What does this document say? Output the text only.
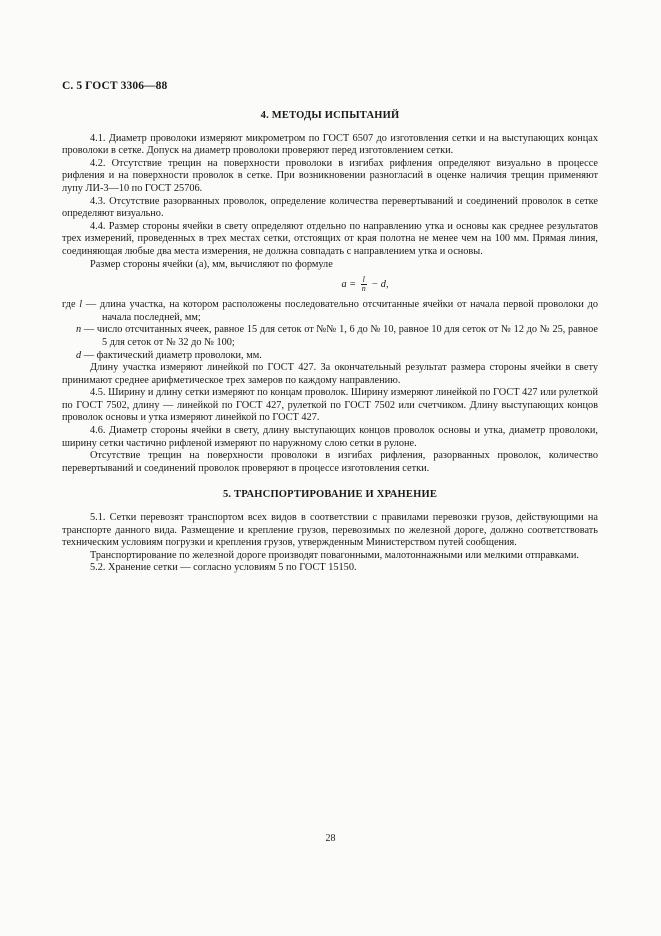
С. 5 ГОСТ 3306—88
4. МЕТОДЫ ИСПЫТАНИЙ

4.1. Диаметр проволоки измеряют микрометром по ГОСТ 6507 до изготовления сетки и на выступающих концах проволоки в сетке. Допуск на диаметр проволоки проверяют перед изготовлением сетки.

4.2. Отсутствие трещин на поверхности проволоки в изгибах рифления определяют визуально в процессе рифления и на поверхности проволок в сетке. При возникновении разногласий в оценке наличия трещин применяют лупу ЛИ-3—10 по ГОСТ 25706.

4.3. Отсутствие разорванных проволок, определение количества перевертываний и соединений проволок в сетке определяют визуально.

4.4. Размер стороны ячейки в свету определяют отдельно по направлению утка и основы как среднее результатов трех измерений, проведенных в трех местах сетки, отстоящих от края полотна не менее чем на 100 мм. Прямая линия, соединяющая любые два места измерения, не должна совпадать с направлением утка и основы.

Размер стороны ячейки (а), мм, вычисляют по формуле

$a = \frac{l}{n} - d$,

где l — длина участка, на котором расположены последовательно отсчитанные ячейки от начала первой проволоки до начала последней, мм;

n — число отсчитанных ячеек, равное 15 для сеток от №№ 1, 6 до № 10, равное 10 для сеток от № 12 до № 25, равное 5 для сеток от № 32 до № 100;

d — фактический диаметр проволоки, мм.

Длину участка измеряют линейкой по ГОСТ 427. За окончательный результат размера стороны ячейки в свету принимают среднее арифметическое трех замеров по каждому направлению.

4.5. Ширину и длину сетки измеряют по концам проволок. Ширину измеряют линейкой по ГОСТ 427 или рулеткой по ГОСТ 7502, длину — линейкой по ГОСТ 427, рулеткой по ГОСТ 7502 или счетчиком. Длину выступающих концов проволок основы и утка измеряют линейкой по ГОСТ 427.

4.6. Диаметр стороны ячейки в свету, длину выступающих концов проволок основы и утка, диаметр проволоки, ширину сетки частично рифленой измеряют по наружному слою сетки в рулоне.

Отсутствие трещин на поверхности проволоки в изгибах рифления, разорванных проволок, количество перевертываний и соединений проволок проверяют в процессе изготовления сетки.

5. ТРАНСПОРТИРОВАНИЕ И ХРАНЕНИЕ

5.1. Сетки перевозят транспортом всех видов в соответствии с правилами перевозки грузов, действующими на транспорте данного вида. Размещение и крепление грузов, перевозимых по железной дороге, должно соответствовать техническим условиям погрузки и крепления грузов, утвержденным Министерством путей сообщения.

Транспортирование по железной дороге производят повагонными, малотоннажными или мелкими отправками.

5.2. Хранение сетки — согласно условиям 5 по ГОСТ 15150.

28
